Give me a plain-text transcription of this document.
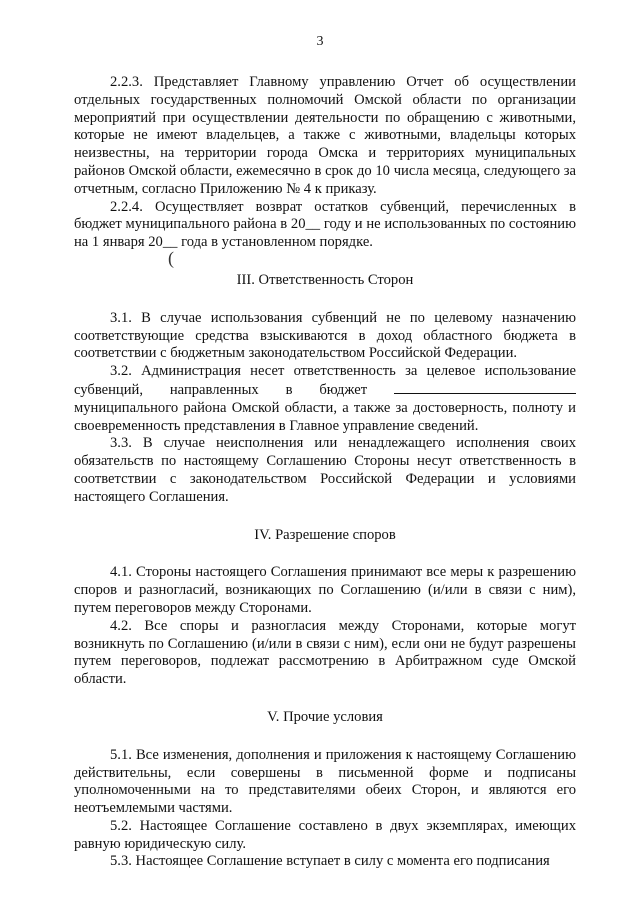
3
(

2.2.3. Представляет Главному управлению Отчет об осуществлении отдельных государственных полномочий Омской области по организации мероприятий при осуществлении деятельности по обращению с животными, которые не имеют владельцев, а также с животными, владельцы которых неизвестны, на территории города Омска и территориях муниципальных районов Омской области, ежемесячно в срок до 10 числа месяца, следующего за отчетным, согласно Приложению № 4 к приказу.

2.2.4. Осуществляет возврат остатков субвенций, перечисленных в бюджет муниципального района в 20__ году и не использованных по состоянию на 1 января 20__ года в установленном порядке.

III. Ответственность Сторон

3.1. В случае использования субвенций не по целевому назначению соответствующие средства взыскиваются в доход областного бюджета в соответствии с бюджетным законодательством Российской Федерации.

3.2. Администрация несет ответственность за целевое использование субвенций, направленных в бюджет  муниципального района Омской области, а также за достоверность, полноту и своевременность представления в Главное управление сведений.

3.3. В случае неисполнения или ненадлежащего исполнения своих обязательств по настоящему Соглашению Стороны несут ответственность в соответствии с законодательством Российской Федерации и условиями настоящего Соглашения.

IV. Разрешение споров

4.1. Стороны настоящего Соглашения принимают все меры к разрешению споров и разногласий, возникающих по Соглашению (и/или в связи с ним), путем переговоров между Сторонами.

4.2. Все споры и разногласия между Сторонами, которые могут возникнуть по Соглашению (и/или в связи с ним), если они не будут разрешены путем переговоров, подлежат рассмотрению в Арбитражном суде Омской области.

V. Прочие условия

5.1. Все изменения, дополнения и приложения к настоящему Соглашению действительны, если совершены в письменной форме и подписаны уполномоченными на то представителями обеих Сторон, и являются его неотъемлемыми частями.

5.2. Настоящее Соглашение составлено в двух экземплярах, имеющих равную юридическую силу.

5.3. Настоящее Соглашение вступает в силу с момента его подписания
